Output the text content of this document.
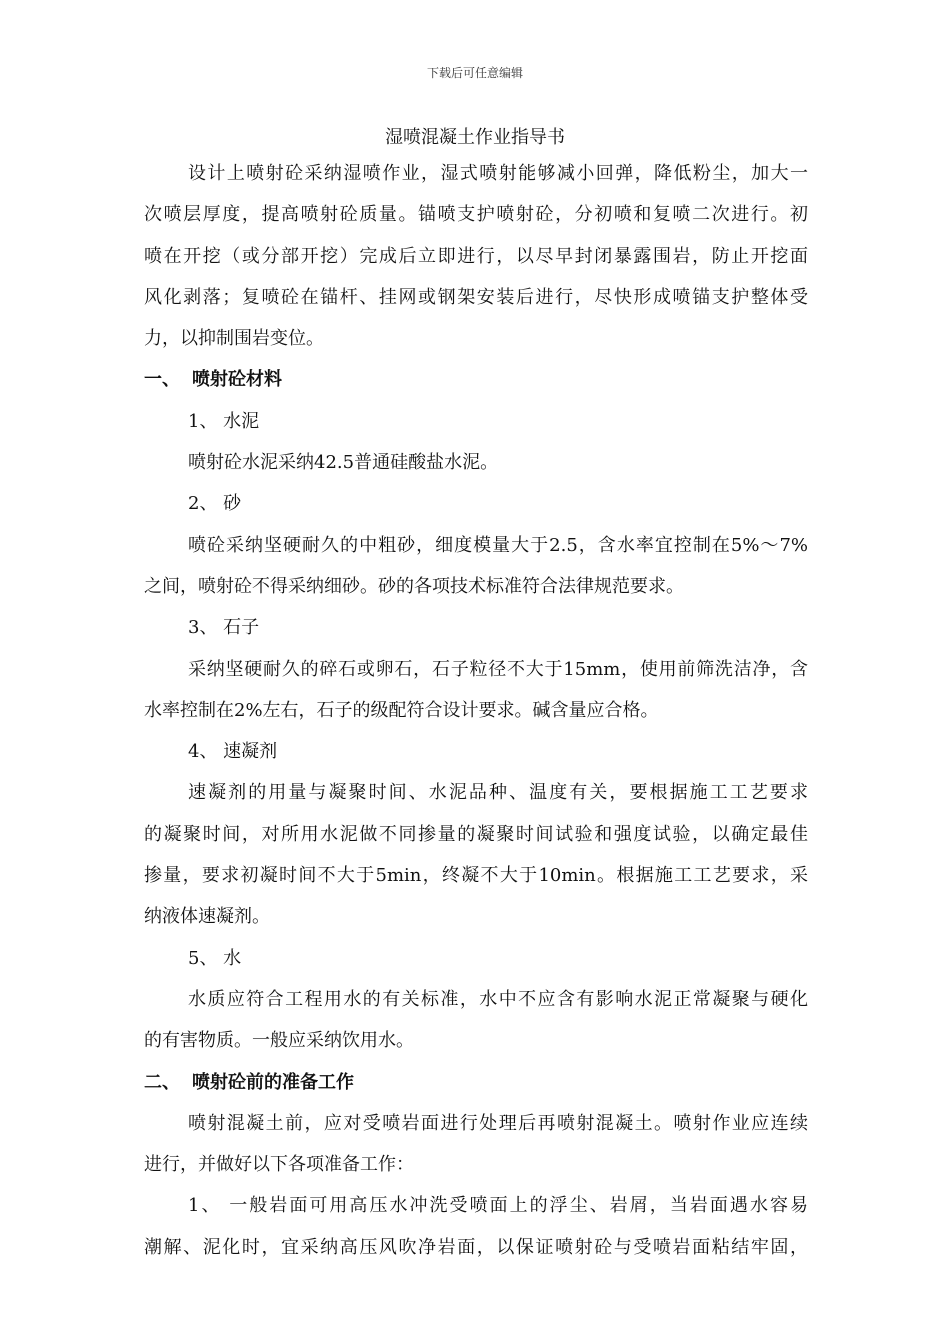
下载后可任意编辑
湿喷混凝土作业指导书
设计上喷射砼采纳湿喷作业，湿式喷射能够减小回弹，降低粉尘，加大一
次喷层厚度，提高喷射砼质量。锚喷支护喷射砼，分初喷和复喷二次进行。初
喷在开挖（或分部开挖）完成后立即进行，以尽早封闭暴露围岩，防止开挖面
风化剥落；复喷砼在锚杆、挂网或钢架安装后进行，尽快形成喷锚支护整体受
力，以抑制围岩变位。
一、 喷射砼材料
1、 水泥
喷射砼水泥采纳42.5普通硅酸盐水泥。
2、 砂
喷砼采纳坚硬耐久的中粗砂，细度模量大于2.5，含水率宜控制在5%～7%
之间，喷射砼不得采纳细砂。砂的各项技术标准符合法律规范要求。
3、 石子
采纳坚硬耐久的碎石或卵石，石子粒径不大于15mm，使用前筛洗洁净，含
水率控制在2%左右，石子的级配符合设计要求。碱含量应合格。
4、 速凝剂
速凝剂的用量与凝聚时间、水泥品种、温度有关，要根据施工工艺要求
的凝聚时间，对所用水泥做不同掺量的凝聚时间试验和强度试验，以确定最佳
掺量，要求初凝时间不大于5min，终凝不大于10min。根据施工工艺要求，采
纳液体速凝剂。
5、 水
水质应符合工程用水的有关标准，水中不应含有影响水泥正常凝聚与硬化
的有害物质。一般应采纳饮用水。
二、 喷射砼前的准备工作
喷射混凝土前，应对受喷岩面进行处理后再喷射混凝土。喷射作业应连续
进行，并做好以下各项准备工作：
1、 一般岩面可用高压水冲洗受喷面上的浮尘、岩屑，当岩面遇水容易
潮解、泥化时，宜采纳高压风吹净岩面，以保证喷射砼与受喷岩面粘结牢固，
